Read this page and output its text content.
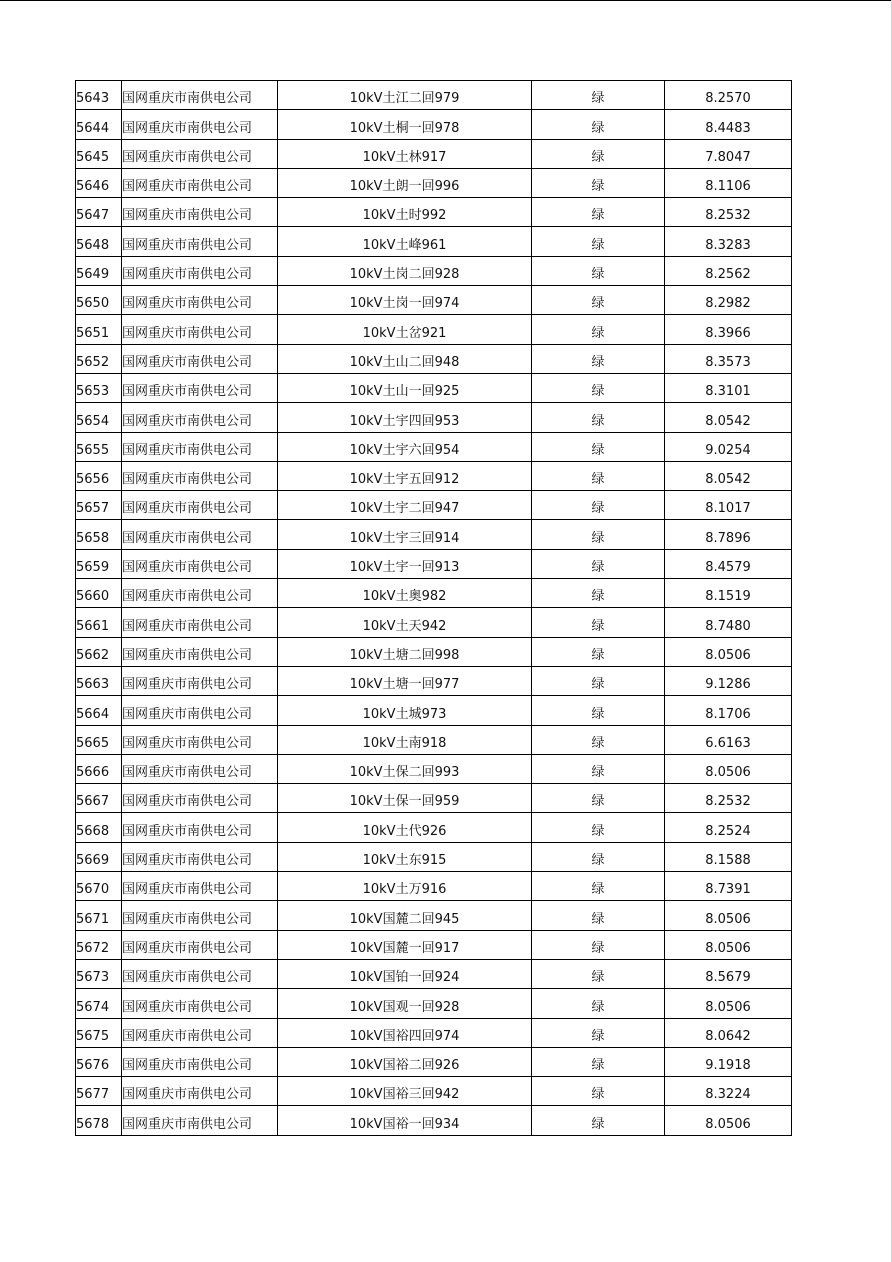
5643	国网重庆市南供电公司	10kV土江二回979	绿	8.2570
5644	国网重庆市南供电公司	10kV土桐一回978	绿	8.4483
5645	国网重庆市南供电公司	10kV土林917	绿	7.8047
5646	国网重庆市南供电公司	10kV土朗一回996	绿	8.1106
5647	国网重庆市南供电公司	10kV土时992	绿	8.2532
5648	国网重庆市南供电公司	10kV土峰961	绿	8.3283
5649	国网重庆市南供电公司	10kV土岗二回928	绿	8.2562
5650	国网重庆市南供电公司	10kV土岗一回974	绿	8.2982
5651	国网重庆市南供电公司	10kV土岔921	绿	8.3966
5652	国网重庆市南供电公司	10kV土山二回948	绿	8.3573
5653	国网重庆市南供电公司	10kV土山一回925	绿	8.3101
5654	国网重庆市南供电公司	10kV土宇四回953	绿	8.0542
5655	国网重庆市南供电公司	10kV土宇六回954	绿	9.0254
5656	国网重庆市南供电公司	10kV土宇五回912	绿	8.0542
5657	国网重庆市南供电公司	10kV土宇二回947	绿	8.1017
5658	国网重庆市南供电公司	10kV土宇三回914	绿	8.7896
5659	国网重庆市南供电公司	10kV土宇一回913	绿	8.4579
5660	国网重庆市南供电公司	10kV土奥982	绿	8.1519
5661	国网重庆市南供电公司	10kV土天942	绿	8.7480
5662	国网重庆市南供电公司	10kV土塘二回998	绿	8.0506
5663	国网重庆市南供电公司	10kV土塘一回977	绿	9.1286
5664	国网重庆市南供电公司	10kV土城973	绿	8.1706
5665	国网重庆市南供电公司	10kV土南918	绿	6.6163
5666	国网重庆市南供电公司	10kV土保二回993	绿	8.0506
5667	国网重庆市南供电公司	10kV土保一回959	绿	8.2532
5668	国网重庆市南供电公司	10kV土代926	绿	8.2524
5669	国网重庆市南供电公司	10kV土东915	绿	8.1588
5670	国网重庆市南供电公司	10kV土万916	绿	8.7391
5671	国网重庆市南供电公司	10kV国麓二回945	绿	8.0506
5672	国网重庆市南供电公司	10kV国麓一回917	绿	8.0506
5673	国网重庆市南供电公司	10kV国铂一回924	绿	8.5679
5674	国网重庆市南供电公司	10kV国观一回928	绿	8.0506
5675	国网重庆市南供电公司	10kV国裕四回974	绿	8.0642
5676	国网重庆市南供电公司	10kV国裕二回926	绿	9.1918
5677	国网重庆市南供电公司	10kV国裕三回942	绿	8.3224
5678	国网重庆市南供电公司	10kV国裕一回934	绿	8.0506
